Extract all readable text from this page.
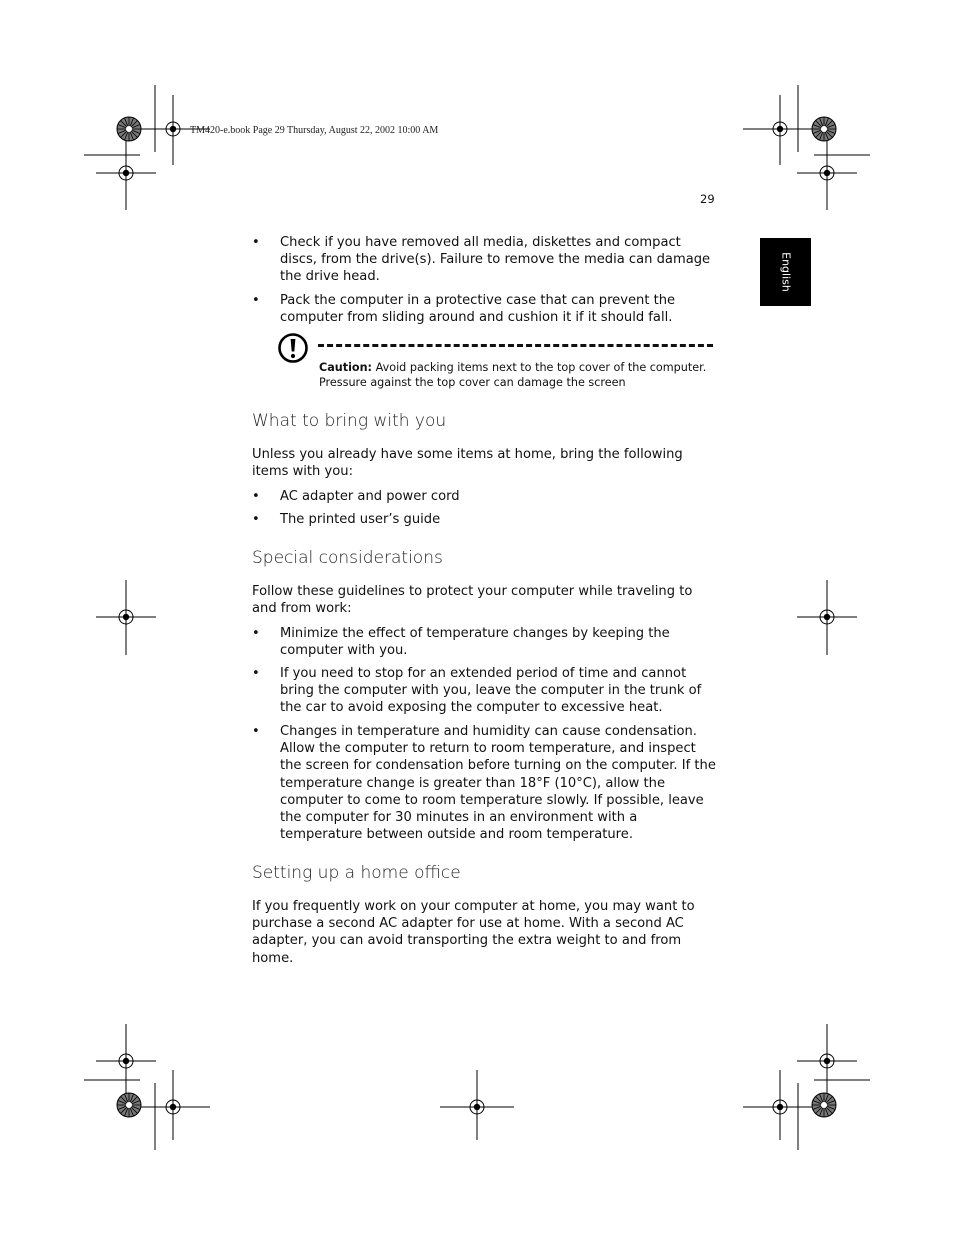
TM420-e.book Page 29 Thursday, August 22, 2002 10:00 AM
29
English
•	Check if you have removed all media, diskettes and compact discs, from the drive(s). Failure to remove the media can damage the drive head.
•	Pack the computer in a protective case that can prevent the computer from sliding around and cushion it if it should fall.
Caution: Avoid packing items next to the top cover of the computer. Pressure against the top cover can damage the screen
What to bring with you

Unless you already have some items at home, bring the following items with you:

•	AC adapter and power cord
•	The printed user’s guide
Special considerations

Follow these guidelines to protect your computer while traveling to and from work:

•	Minimize the effect of temperature changes by keeping the computer with you.
•	If you need to stop for an extended period of time and cannot bring the computer with you, leave the computer in the trunk of the car to avoid exposing the computer to excessive heat.
•	Changes in temperature and humidity can cause condensation. Allow the computer to return to room temperature, and inspect the screen for condensation before turning on the computer. If the temperature change is greater than 18°F (10°C), allow the computer to come to room temperature slowly. If possible, leave the computer for 30 minutes in an environment with a temperature between outside and room temperature.
Setting up a home office

If you frequently work on your computer at home, you may want to purchase a second AC adapter for use at home. With a second AC adapter, you can avoid transporting the extra weight to and from home.
